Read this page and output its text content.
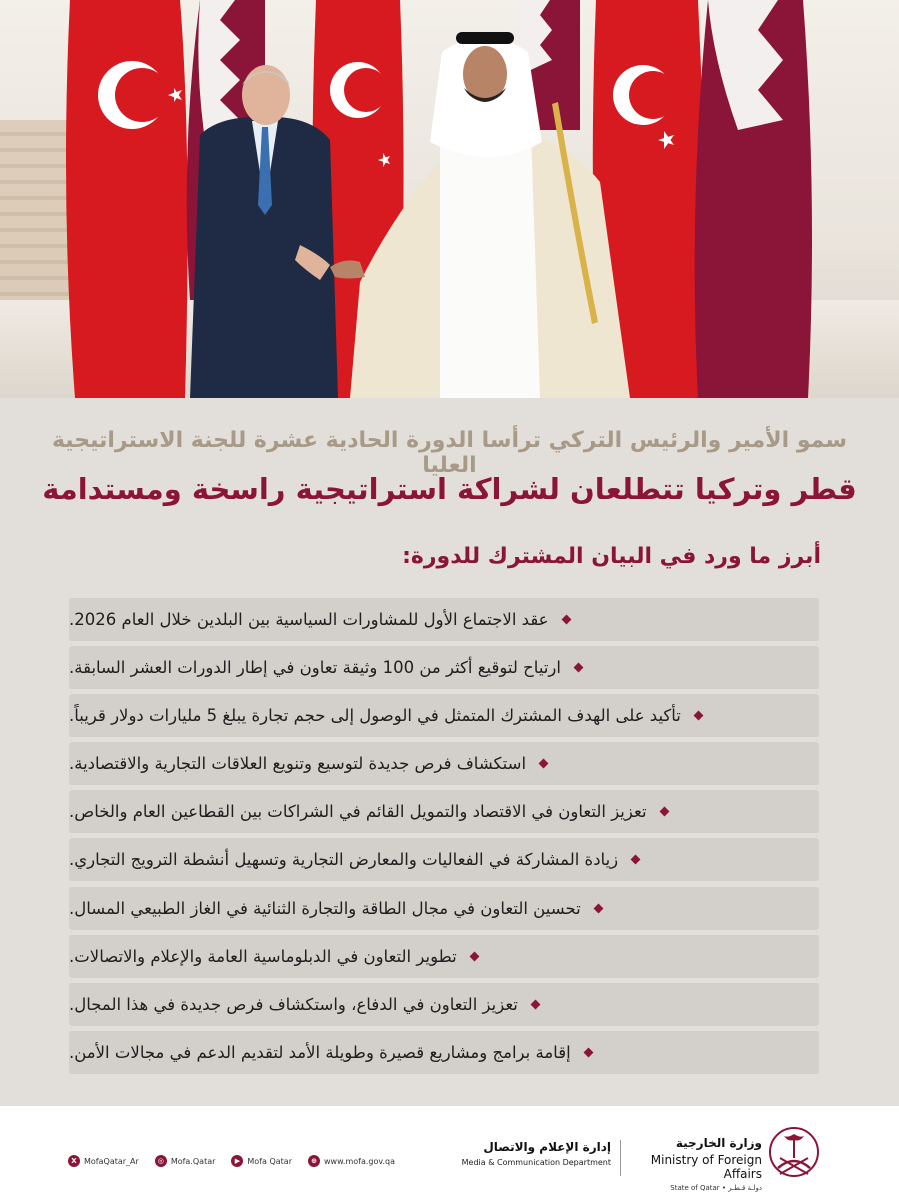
سمو الأمير والرئيس التركي ترأسا الدورة الحادية عشرة للجنة الاستراتيجية العليا
قطر وتركيا تتطلعان لشراكة استراتيجية راسخة ومستدامة
أبرز ما ورد في البيان المشترك للدورة:
عقد الاجتماع الأول للمشاورات السياسية بين البلدين خلال العام 2026.
ارتياح لتوقيع أكثر من 100 وثيقة تعاون في إطار الدورات العشر السابقة.
تأكيد على الهدف المشترك المتمثل في الوصول إلى حجم تجارة يبلغ 5 مليارات دولار قريباً.
استكشاف فرص جديدة لتوسيع وتنويع العلاقات التجارية والاقتصادية.
تعزيز التعاون في الاقتصاد والتمويل القائم في الشراكات بين القطاعين العام والخاص.
زيادة المشاركة في الفعاليات والمعارض التجارية وتسهيل أنشطة الترويج التجاري.
تحسين التعاون في مجال الطاقة والتجارة الثنائية في الغاز الطبيعي المسال.
تطوير التعاون في الدبلوماسية العامة والإعلام والاتصالات.
تعزيز التعاون في الدفاع، واستكشاف فرص جديدة في هذا المجال.
إقامة برامج ومشاريع قصيرة وطويلة الأمد لتقديم الدعم في مجالات الأمن.
X MofaQatar_Ar	◎ Mofa.Qatar	▶ Mofa Qatar	⊕ www.mofa.gov.qa
إدارة الإعلام والاتصال
Media & Communication Department
وزارة الخارجية
Ministry of Foreign Affairs
State of Qatar • دولـة قـطـر
